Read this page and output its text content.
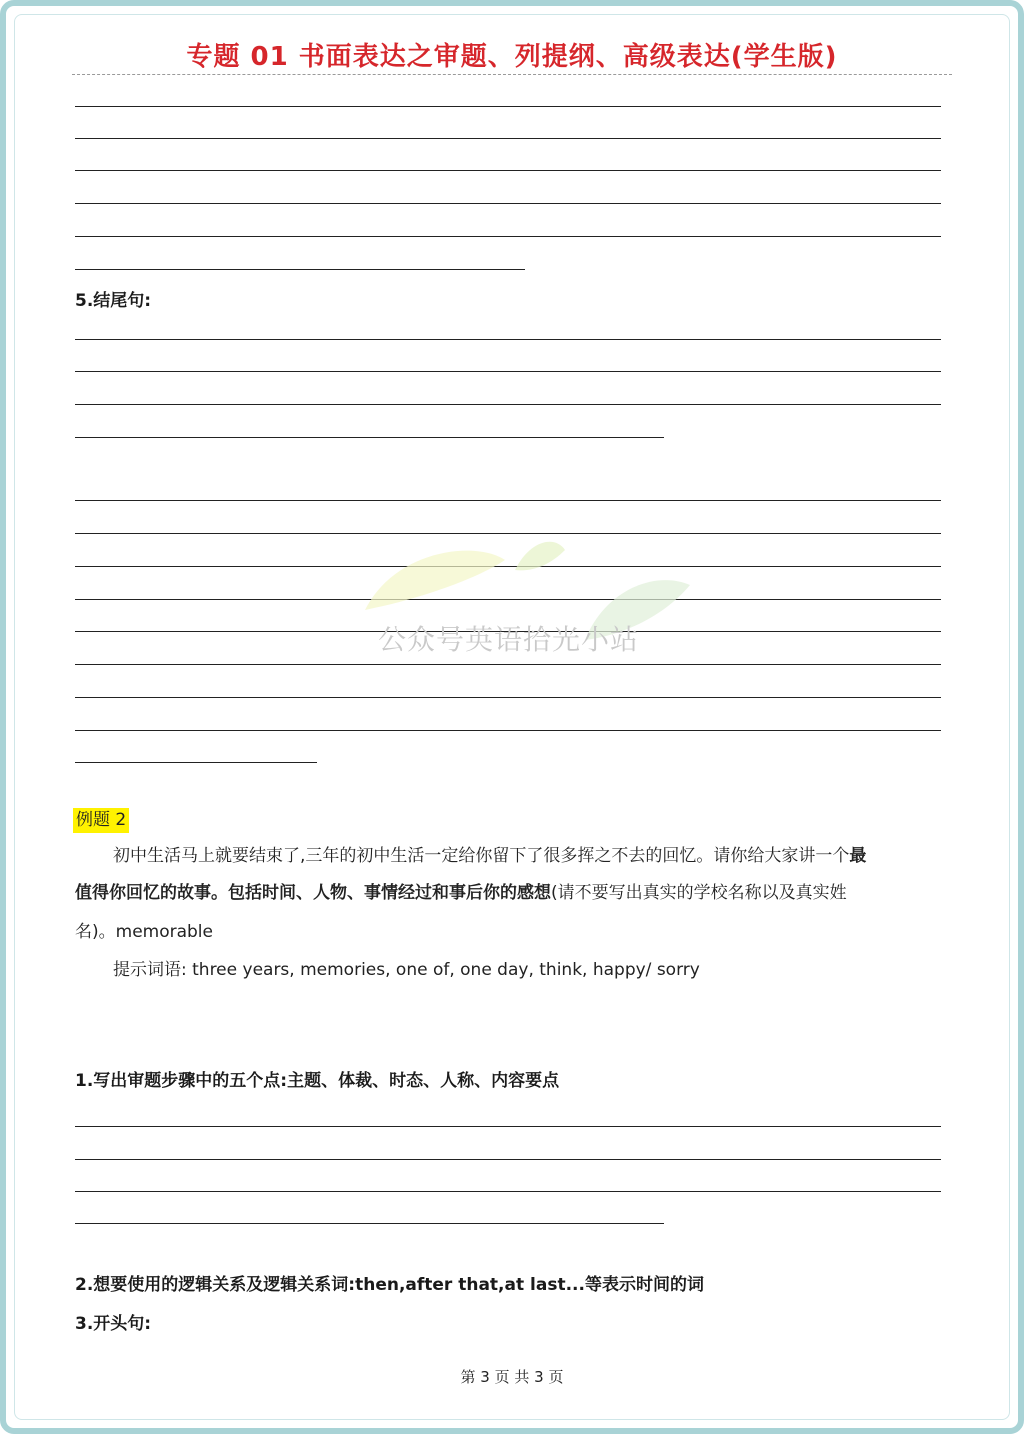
专题 01 书面表达之审题、列提纲、高级表达(学生版)
5.结尾句:
公众号英语拾光小站
例题 2
初中生活马上就要结束了,三年的初中生活一定给你留下了很多挥之不去的回忆。请你给大家讲一个最
值得你回忆的故事。包括时间、人物、事情经过和事后你的感想(请不要写出真实的学校名称以及真实姓
名)。memorable
提示词语: three years, memories, one of, one day, think, happy/ sorry
1.写出审题步骤中的五个点:主题、体裁、时态、人称、内容要点
2.想要使用的逻辑关系及逻辑关系词:then,after that,at last...等表示时间的词
3.开头句:
第 3 页 共 3 页
